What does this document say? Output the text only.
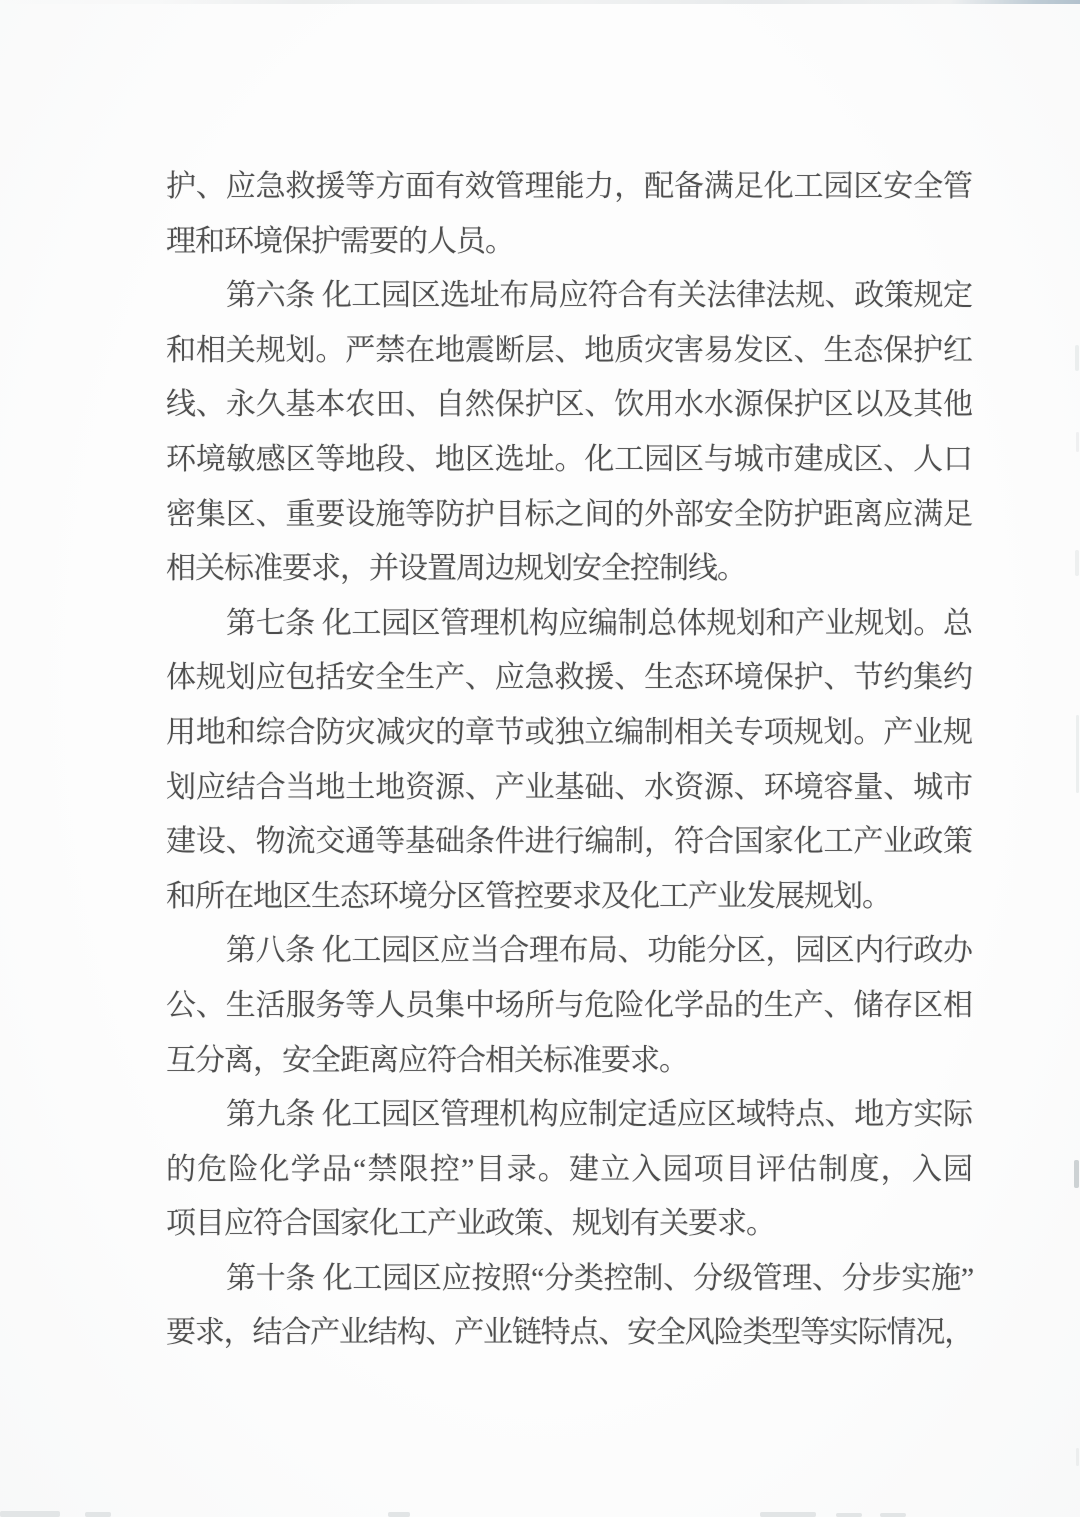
护、应急救援等方面有效管理能力，配备满足化工园区安全管
理和环境保护需要的人员。
第六条 化工园区选址布局应符合有关法律法规、政策规定
和相关规划。严禁在地震断层、地质灾害易发区、生态保护红
线、永久基本农田、自然保护区、饮用水水源保护区以及其他
环境敏感区等地段、地区选址。化工园区与城市建成区、人口
密集区、重要设施等防护目标之间的外部安全防护距离应满足
相关标准要求，并设置周边规划安全控制线。
第七条 化工园区管理机构应编制总体规划和产业规划。总
体规划应包括安全生产、应急救援、生态环境保护、节约集约
用地和综合防灾减灾的章节或独立编制相关专项规划。产业规
划应结合当地土地资源、产业基础、水资源、环境容量、城市
建设、物流交通等基础条件进行编制，符合国家化工产业政策
和所在地区生态环境分区管控要求及化工产业发展规划。
第八条 化工园区应当合理布局、功能分区，园区内行政办
公、生活服务等人员集中场所与危险化学品的生产、储存区相
互分离，安全距离应符合相关标准要求。
第九条 化工园区管理机构应制定适应区域特点、地方实际
的危险化学品“禁限控”目录。建立入园项目评估制度，入园
项目应符合国家化工产业政策、规划有关要求。
第十条 化工园区应按照“分类控制、分级管理、分步实施”
要求，结合产业结构、产业链特点、安全风险类型等实际情况，
